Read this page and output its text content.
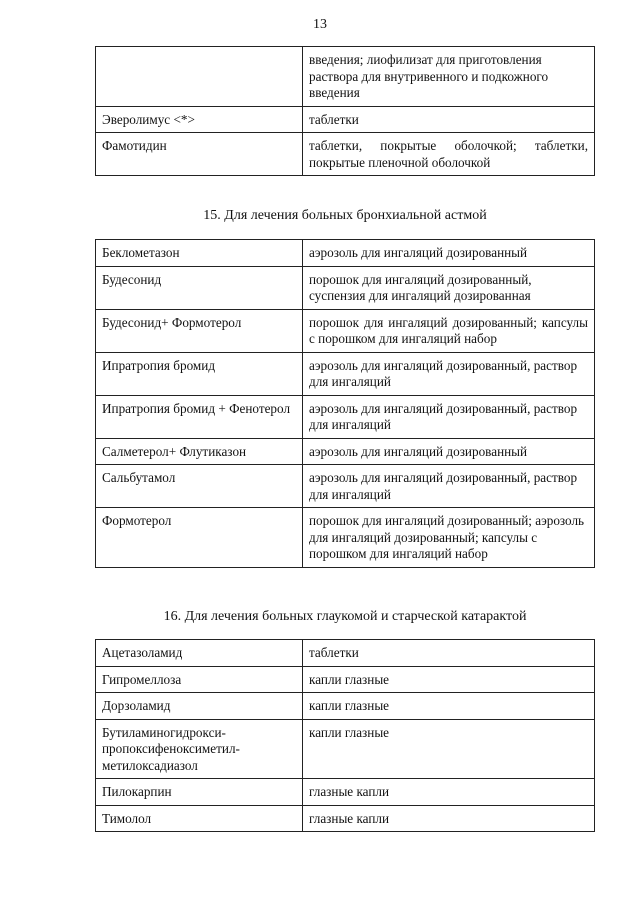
13
	введения; лиофилизат для приготовления раствора для внутривенного и подкожного введения
Эверолимус <*>	таблетки
Фамотидин	таблетки, покрытые оболочкой; таблетки, покрытые пленочной оболочкой
15. Для лечения больных бронхиальной астмой
Беклометазон	аэрозоль для ингаляций дозированный
Будесонид	порошок для ингаляций дозированный, суспензия для ингаляций дозированная
Будесонид+ Формотерол	порошок для ингаляций дозированный; капсулы с порошком для ингаляций набор
Ипратропия бромид	аэрозоль для ингаляций дозированный, раствор для ингаляций
Ипратропия бромид + Фенотерол	аэрозоль для ингаляций дозированный, раствор для ингаляций
Салметерол+ Флутиказон	аэрозоль для ингаляций дозированный
Сальбутамол	аэрозоль для ингаляций дозированный, раствор для ингаляций
Формотерол	порошок для ингаляций дозированный; аэрозоль для ингаляций дозированный; капсулы с порошком для ингаляций набор
16. Для лечения больных глаукомой и старческой катарактой
Ацетазоламид	таблетки
Гипромеллоза	капли глазные
Дорзоламид	капли глазные
Бутиламиногидрокси-пропоксифеноксиметил-метилоксадиазол	капли глазные
Пилокарпин	глазные капли
Тимолол	глазные капли
